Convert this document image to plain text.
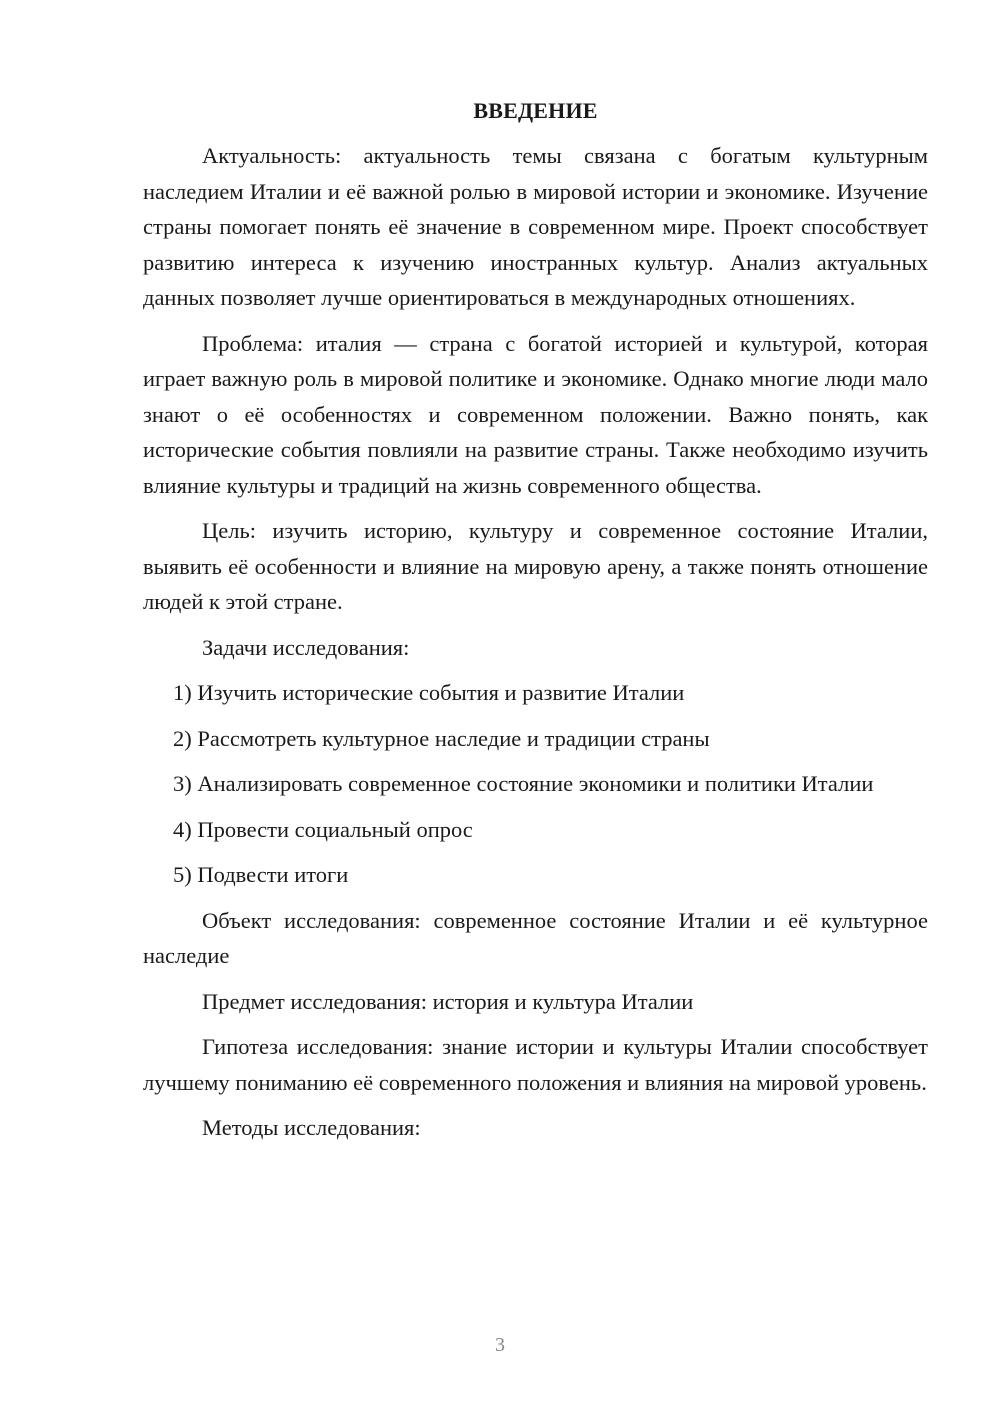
ВВЕДЕНИЕ

Актуальность: актуальность темы связана с богатым культурным наследием Италии и её важной ролью в мировой истории и экономике. Изучение страны помогает понять её значение в современном мире. Проект способствует развитию интереса к изучению иностранных культур. Анализ актуальных данных позволяет лучше ориентироваться в международных отношениях.

Проблема: италия — страна с богатой историей и культурой, которая играет важную роль в мировой политике и экономике. Однако многие люди мало знают о её особенностях и современном положении. Важно понять, как исторические события повлияли на развитие страны. Также необходимо изучить влияние культуры и традиций на жизнь современного общества.

Цель: изучить историю, культуру и современное состояние Италии, выявить её особенности и влияние на мировую арену, а также понять отношение людей к этой стране.

Задачи исследования:

1) Изучить исторические события и развитие Италии

2) Рассмотреть культурное наследие и традиции страны

3) Анализировать современное состояние экономики и политики Италии

4) Провести социальный опрос

5) Подвести итоги

Объект исследования: современное состояние Италии и её культурное наследие

Предмет исследования: история и культура Италии

Гипотеза исследования: знание истории и культуры Италии способствует лучшему пониманию её современного положения и влияния на мировой уровень.

Методы исследования:

3
